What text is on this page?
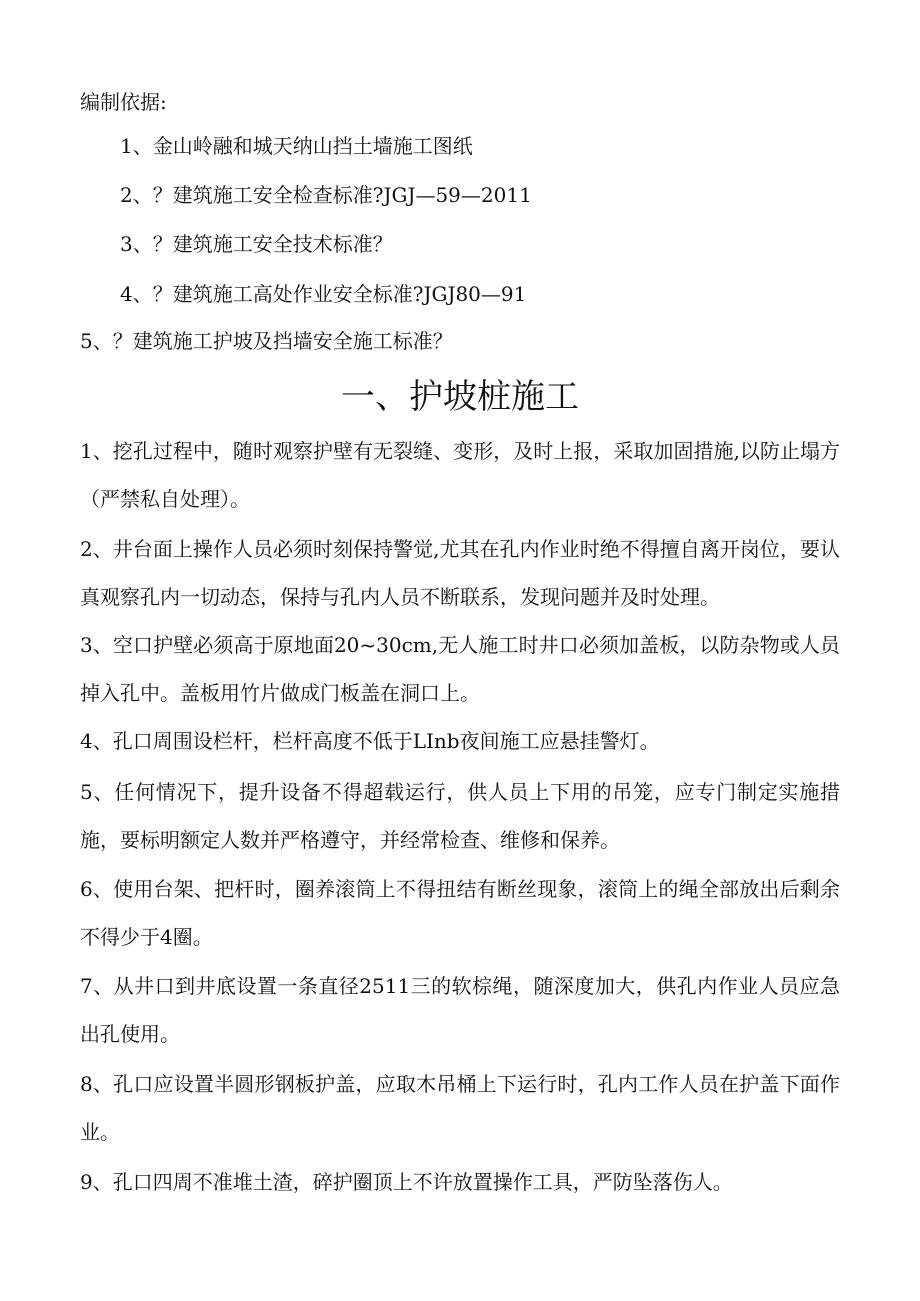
编制依据:
1、金山岭融和城天纳山挡土墙施工图纸
2、？建筑施工安全检查标准?JGJ—59—2011
3、？建筑施工安全技术标准？
4、？建筑施工高处作业安全标准?JGJ80—91
5、？建筑施工护坡及挡墙安全施工标准？
一、护坡桩施工
1、挖孔过程中，随时观察护壁有无裂缝、变形，及时上报，采取加固措施,以防止塌方（严禁私自处理）。
2、井台面上操作人员必须时刻保持警觉,尤其在孔内作业时绝不得擅自离开岗位，要认真观察孔内一切动态，保持与孔内人员不断联系，发现问题并及时处理。
3、空口护壁必须高于原地面20~30cm,无人施工时井口必须加盖板，以防杂物或人员掉入孔中。盖板用竹片做成门板盖在洞口上。
4、孔口周围设栏杆，栏杆高度不低于LInb夜间施工应悬挂警灯。
5、任何情况下，提升设备不得超载运行，供人员上下用的吊笼，应专门制定实施措施，要标明额定人数并严格遵守，并经常检查、维修和保养。
6、使用台架、把杆时，圈养滚筒上不得扭结有断丝现象，滚筒上的绳全部放出后剩余不得少于4圈。
7、从井口到井底设置一条直径2511三的软棕绳，随深度加大，供孔内作业人员应急出孔使用。
8、孔口应设置半圆形钢板护盖，应取木吊桶上下运行时，孔内工作人员在护盖下面作业。
9、孔口四周不准堆土渣，碎护圈顶上不许放置操作工具，严防坠落伤人。
